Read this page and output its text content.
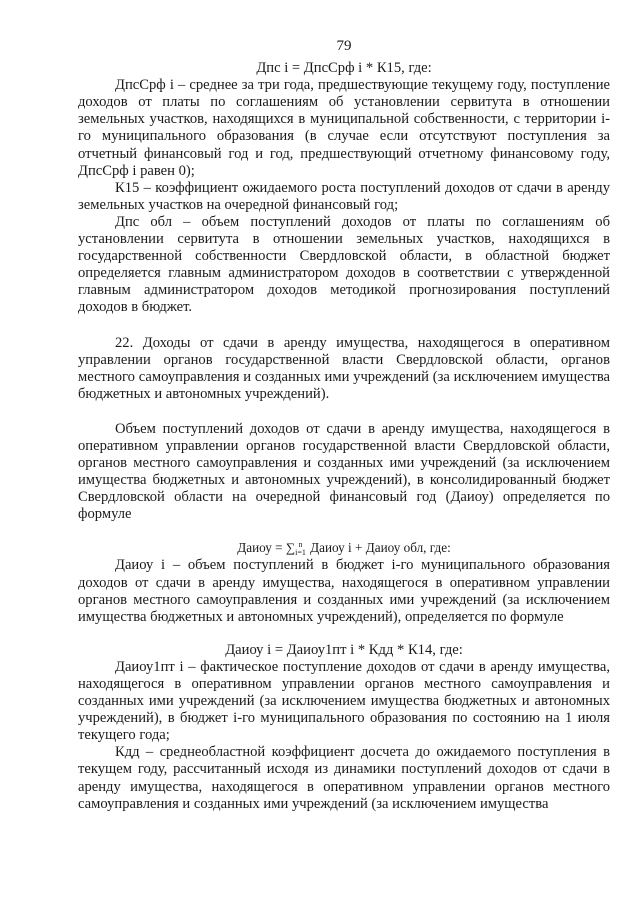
79
Дпс i = ДпсСрф i * К15, где:

ДпсСрф i – среднее за три года, предшествующие текущему году, поступление доходов от платы по соглашениям об установлении сервитута в отношении земельных участков, находящихся в муниципальной собственности, с территории i-го муниципального образования (в случае если отсутствуют поступления за отчетный финансовый год и год, предшествующий отчетному финансовому году, ДпсСрф i равен 0);

К15 – коэффициент ожидаемого роста поступлений доходов от сдачи в аренду земельных участков на очередной финансовый год;

Дпс обл – объем поступлений доходов от платы по соглашениям об установлении сервитута в отношении земельных участков, находящихся в государственной собственности Свердловской области, в областной бюджет определяется главным администратором доходов в соответствии с утвержденной главным администратором доходов методикой прогнозирования поступлений доходов в бюджет.

22. Доходы от сдачи в аренду имущества, находящегося в оперативном управлении органов государственной власти Свердловской области, органов местного самоуправления и созданных ими учреждений (за исключением имущества бюджетных и автономных учреждений).

Объем поступлений доходов от сдачи в аренду имущества, находящегося в оперативном управлении органов государственной власти Свердловской области, органов местного самоуправления и созданных ими учреждений (за исключением имущества бюджетных и автономных учреждений), в консолидированный бюджет Свердловской области на очередной финансовый год (Даиоу) определяется по формуле

Даиоу = ∑ n
i=1 Даиоу i + Даиоу обл, где:

Даиоу i – объем поступлений в бюджет i-го муниципального образования доходов от сдачи в аренду имущества, находящегося в оперативном управлении органов местного самоуправления и созданных ими учреждений (за исключением имущества бюджетных и автономных учреждений), определяется по формуле

Даиоу i = Даиоу1пт i * Кдд * К14, где:

Даиоу1пт i – фактическое поступление доходов от сдачи в аренду имущества, находящегося в оперативном управлении органов местного самоуправления и созданных ими учреждений (за исключением имущества бюджетных и автономных учреждений), в бюджет i-го муниципального образования по состоянию на 1 июля текущего года;

Кдд – среднеобластной коэффициент досчета до ожидаемого поступления в текущем году, рассчитанный исходя из динамики поступлений доходов от сдачи в аренду имущества, находящегося в оперативном управлении органов местного самоуправления и созданных ими учреждений (за исключением имущества
